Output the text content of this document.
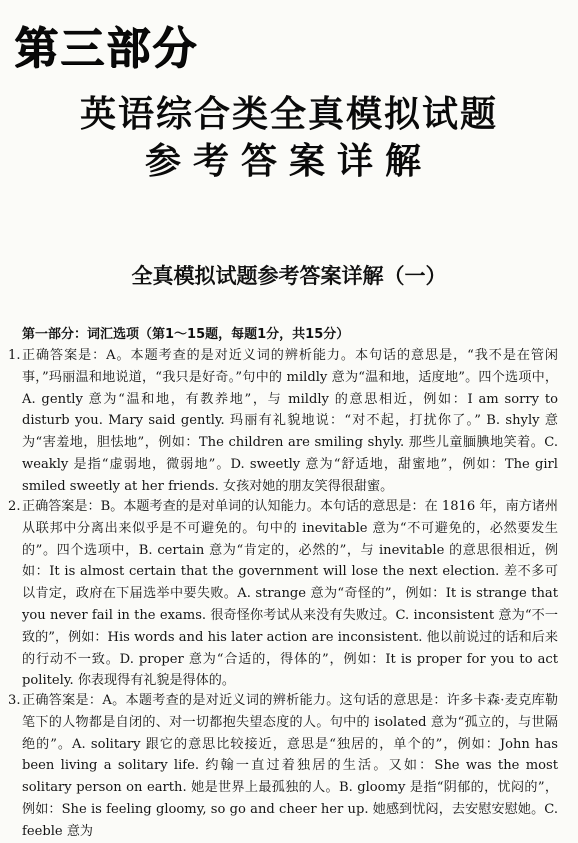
第三部分
英语综合类全真模拟试题
参考答案详解
全真模拟试题参考答案详解（一）
第一部分：词汇选项（第1～15题，每题1分，共15分）
1. 正确答案是：A。本题考查的是对近义词的辨析能力。本句话的意思是，“我不是在管闲事，”玛丽温和地说道，“我只是好奇。”句中的 mildly 意为“温和地，适度地”。四个选项中，A. gently 意为“温和地，有教养地”，与 mildly 的意思相近，例如：I am sorry to disturb you. Mary said gently. 玛丽有礼貌地说：“对不起，打扰你了。” B. shyly 意为“害羞地，胆怯地”，例如：The children are smiling shyly. 那些儿童腼腆地笑着。C. weakly 是指“虚弱地，微弱地”。D. sweetly 意为“舒适地，甜蜜地”，例如：The girl smiled sweetly at her friends. 女孩对她的朋友笑得很甜蜜。
2. 正确答案是：B。本题考查的是对单词的认知能力。本句话的意思是：在 1816 年，南方诸州从联邦中分离出来似乎是不可避免的。句中的 inevitable 意为“不可避免的，必然要发生的”。四个选项中，B. certain 意为“肯定的，必然的”，与 inevitable 的意思很相近，例如：It is almost certain that the government will lose the next election. 差不多可以肯定，政府在下届选举中要失败。A. strange 意为“奇怪的”，例如：It is strange that you never fail in the exams. 很奇怪你考试从来没有失败过。C. inconsistent 意为“不一致的”，例如：His words and his later action are inconsistent. 他以前说过的话和后来的行动不一致。D. proper 意为“合适的，得体的”，例如：It is proper for you to act politely. 你表现得有礼貌是得体的。
3. 正确答案是：A。本题考查的是对近义词的辨析能力。这句话的意思是：许多卡森·麦克库勒笔下的人物都是自闭的、对一切都抱失望态度的人。句中的 isolated 意为“孤立的，与世隔绝的”。A. solitary 跟它的意思比较接近，意思是“独居的，单个的”，例如：John has been living a solitary life. 约翰一直过着独居的生活。又如：She was the most solitary person on earth. 她是世界上最孤独的人。B. gloomy 是指“阴郁的，忧闷的”，例如：She is feeling gloomy, so go and cheer her up. 她感到忧闷，去安慰安慰她。C. feeble 意为
